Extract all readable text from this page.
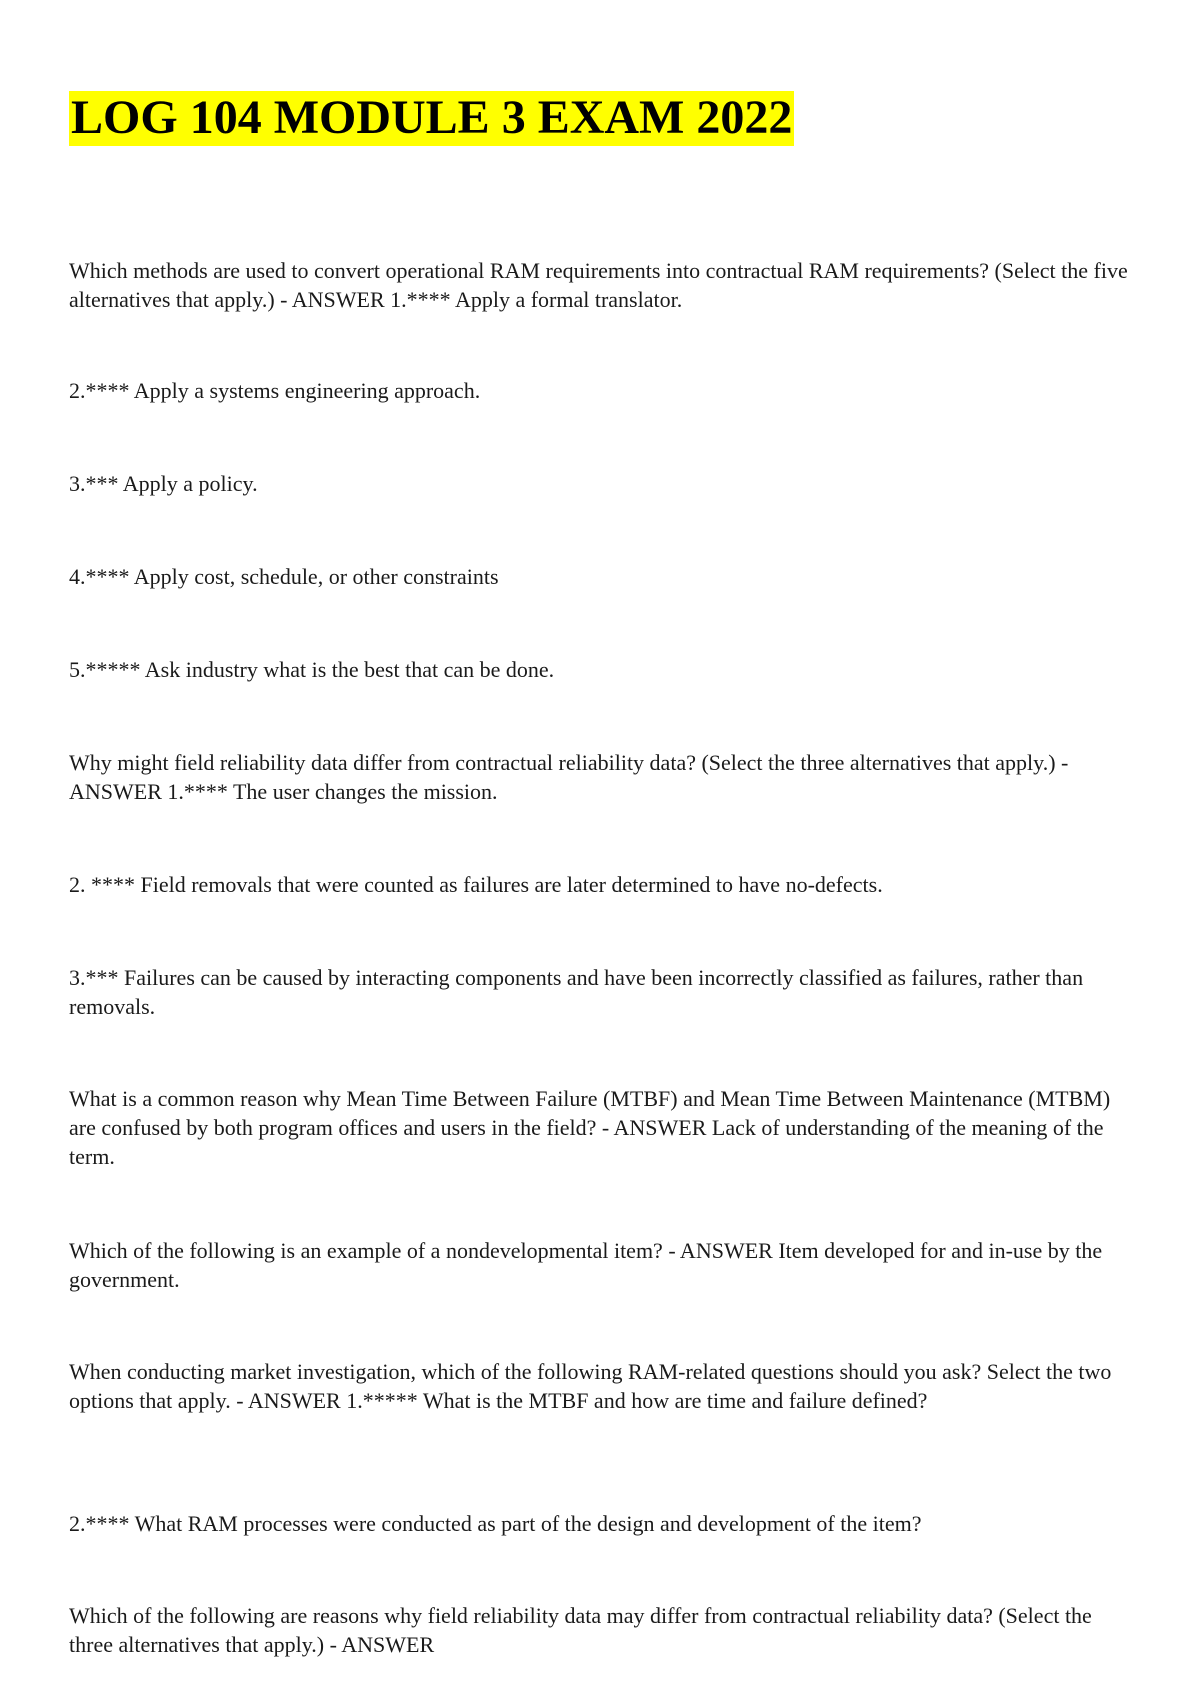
LOG 104 MODULE 3 EXAM 2022

Which methods are used to convert operational RAM requirements into contractual RAM requirements? (Select the five alternatives that apply.) - ANSWER 1.**** Apply a formal translator.

2.**** Apply a systems engineering approach.

3.*** Apply a policy.

4.**** Apply cost, schedule, or other constraints

5.***** Ask industry what is the best that can be done.

Why might field reliability data differ from contractual reliability data? (Select the three alternatives that apply.) - ANSWER 1.**** The user changes the mission.

2. **** Field removals that were counted as failures are later determined to have no-defects.

3.*** Failures can be caused by interacting components and have been incorrectly classified as failures, rather than removals.

What is a common reason why Mean Time Between Failure (MTBF) and Mean Time Between Maintenance (MTBM) are confused by both program offices and users in the field? - ANSWER Lack of understanding of the meaning of the term.

Which of the following is an example of a nondevelopmental item? - ANSWER Item developed for and in-use by the government.

When conducting market investigation, which of the following RAM-related questions should you ask? Select the two options that apply. - ANSWER 1.***** What is the MTBF and how are time and failure defined?

2.**** What RAM processes were conducted as part of the design and development of the item?

Which of the following are reasons why field reliability data may differ from contractual reliability data? (Select the three alternatives that apply.) - ANSWER
